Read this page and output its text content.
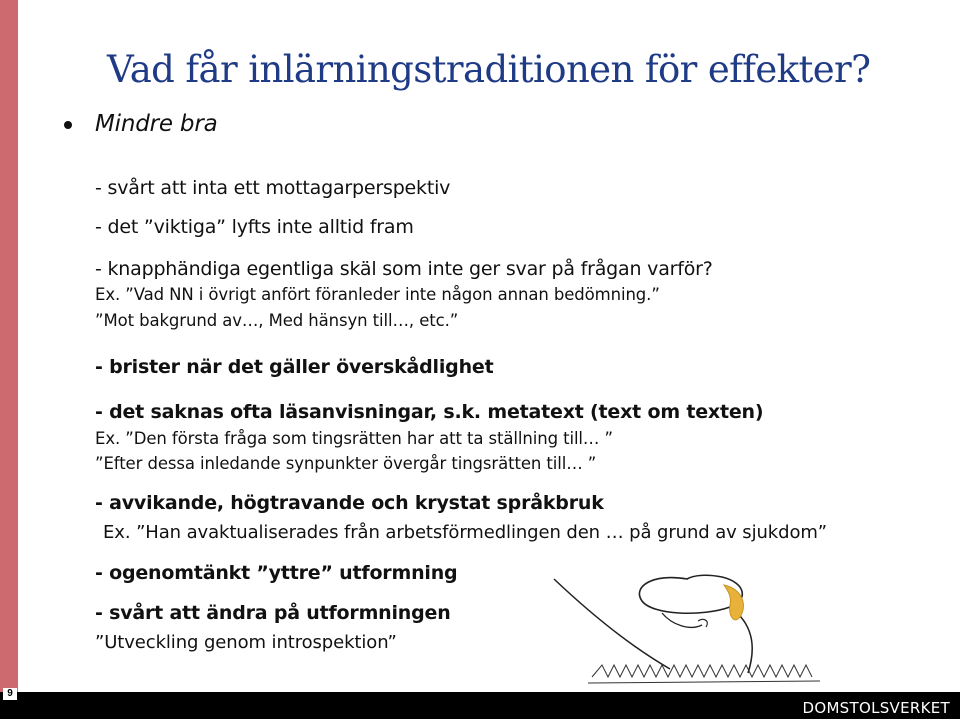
Vad får inlärningstraditionen för effekter?
Mindre bra
- svårt att inta ett mottagarperspektiv
- det ”viktiga” lyfts inte alltid fram
- knapphändiga egentliga skäl som inte ger svar på frågan varför?
Ex. ”Vad NN i övrigt anfört föranleder inte någon annan bedömning.”
”Mot bakgrund av…, Med hänsyn till…, etc.”
- brister när det gäller överskådlighet
- det saknas ofta läsanvisningar, s.k. metatext (text om texten)
Ex. ”Den första fråga som tingsrätten har att ta ställning till… ”
”Efter dessa inledande synpunkter övergår tingsrätten till… ”
- avvikande, högtravande och krystat språkbruk
Ex. ”Han avaktualiserades från arbetsförmedlingen den … på grund av sjukdom”
- ogenomtänkt ”yttre” utformning
- svårt att ändra på utformningen
”Utveckling genom introspektion”
9
DOMSTOLSVERKET
